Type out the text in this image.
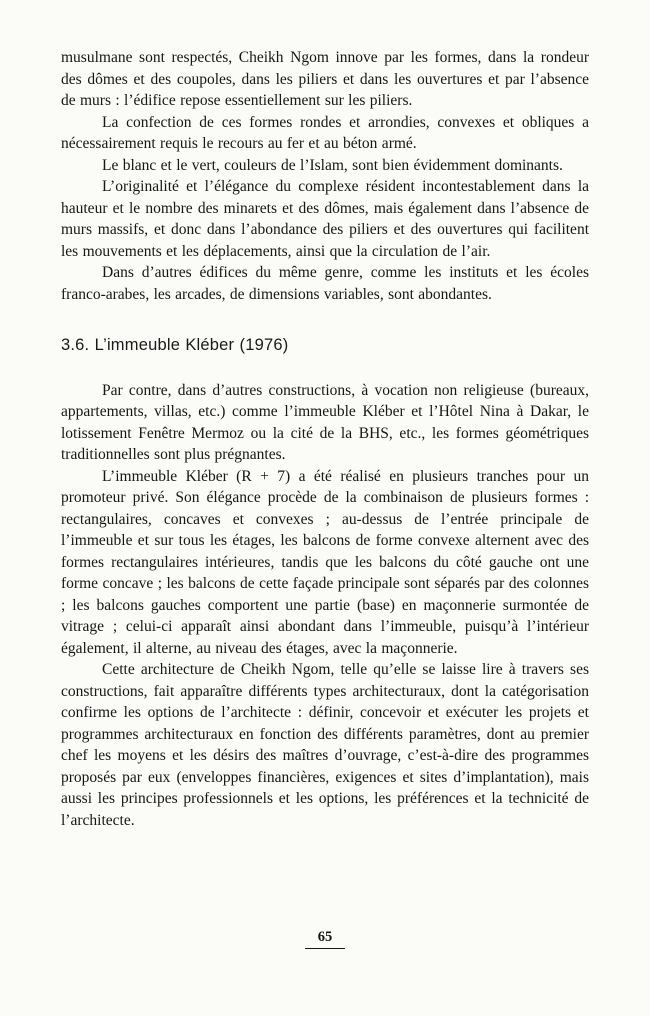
musulmane sont respectés, Cheikh Ngom innove par les formes, dans la rondeur des dômes et des coupoles, dans les piliers et dans les ouvertures et par l’absence de murs : l’édifice repose essentiellement sur les piliers.

La confection de ces formes rondes et arrondies, convexes et obliques a nécessairement requis le recours au fer et au béton armé.

Le blanc et le vert, couleurs de l’Islam, sont bien évidemment dominants.

L’originalité et l’élégance du complexe résident incontestablement dans la hauteur et le nombre des minarets et des dômes, mais également dans l’absence de murs massifs, et donc dans l’abondance des piliers et des ouvertures qui facilitent les mouvements et les déplacements, ainsi que la circulation de l’air.

Dans d’autres édifices du même genre, comme les instituts et les écoles franco-arabes, les arcades, de dimensions variables, sont abondantes.

3.6. L’immeuble Kléber (1976)

Par contre, dans d’autres constructions, à vocation non religieuse (bureaux, appartements, villas, etc.) comme l’immeuble Kléber et l’Hôtel Nina à Dakar, le lotissement Fenêtre Mermoz ou la cité de la BHS, etc., les formes géométriques traditionnelles sont plus prégnantes.

L’immeuble Kléber (R + 7) a été réalisé en plusieurs tranches pour un promoteur privé. Son élégance procède de la combinaison de plusieurs formes : rectangulaires, concaves et convexes ; au-dessus de l’entrée principale de l’immeuble et sur tous les étages, les balcons de forme convexe alternent avec des formes rectangulaires intérieures, tandis que les balcons du côté gauche ont une forme concave ; les balcons de cette façade principale sont séparés par des colonnes ; les balcons gauches comportent une partie (base) en maçonnerie surmontée de vitrage ; celui-ci apparaît ainsi abondant dans l’immeuble, puisqu’à l’intérieur également, il alterne, au niveau des étages, avec la maçonnerie.

Cette architecture de Cheikh Ngom, telle qu’elle se laisse lire à travers ses constructions, fait apparaître différents types architecturaux, dont la catégorisation confirme les options de l’architecte : définir, concevoir et exécuter les projets et programmes architecturaux en fonction des différents paramètres, dont au premier chef les moyens et les désirs des maîtres d’ouvrage, c’est-à-dire des programmes proposés par eux (enveloppes financières, exigences et sites d’implantation), mais aussi les principes professionnels et les options, les préférences et la technicité de l’architecte.

65
